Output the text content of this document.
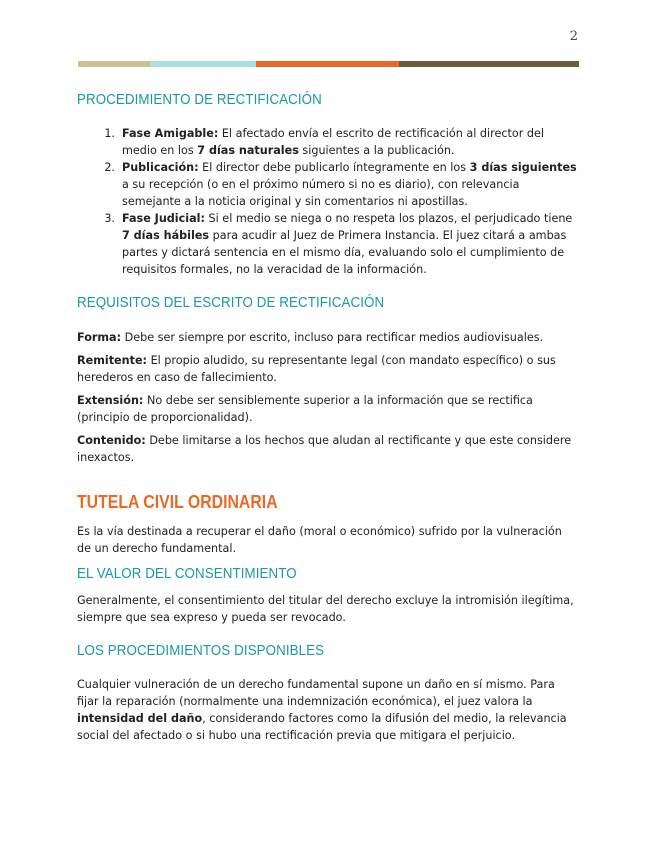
2
PROCEDIMIENTO DE RECTIFICACIÓN
1. Fase Amigable: El afectado envía el escrito de rectificación al director del medio en los 7 días naturales siguientes a la publicación.
2. Publicación: El director debe publicarlo íntegramente en los 3 días siguientes a su recepción (o en el próximo número si no es diario), con relevancia semejante a la noticia original y sin comentarios ni apostillas.
3. Fase Judicial: Si el medio se niega o no respeta los plazos, el perjudicado tiene 7 días hábiles para acudir al Juez de Primera Instancia. El juez citará a ambas partes y dictará sentencia en el mismo día, evaluando solo el cumplimiento de requisitos formales, no la veracidad de la información.
REQUISITOS DEL ESCRITO DE RECTIFICACIÓN

Forma: Debe ser siempre por escrito, incluso para rectificar medios audiovisuales.

Remitente: El propio aludido, su representante legal (con mandato específico) o sus herederos en caso de fallecimiento.

Extensión: No debe ser sensiblemente superior a la información que se rectifica (principio de proporcionalidad).

Contenido: Debe limitarse a los hechos que aludan al rectificante y que este considere inexactos.

TUTELA CIVIL ORDINARIA

Es la vía destinada a recuperar el daño (moral o económico) sufrido por la vulneración de un derecho fundamental.

EL VALOR DEL CONSENTIMIENTO

Generalmente, el consentimiento del titular del derecho excluye la intromisión ilegítima, siempre que sea expreso y pueda ser revocado.

LOS PROCEDIMIENTOS DISPONIBLES

Cualquier vulneración de un derecho fundamental supone un daño en sí mismo. Para fijar la reparación (normalmente una indemnización económica), el juez valora la intensidad del daño, considerando factores como la difusión del medio, la relevancia social del afectado o si hubo una rectificación previa que mitigara el perjuicio.
